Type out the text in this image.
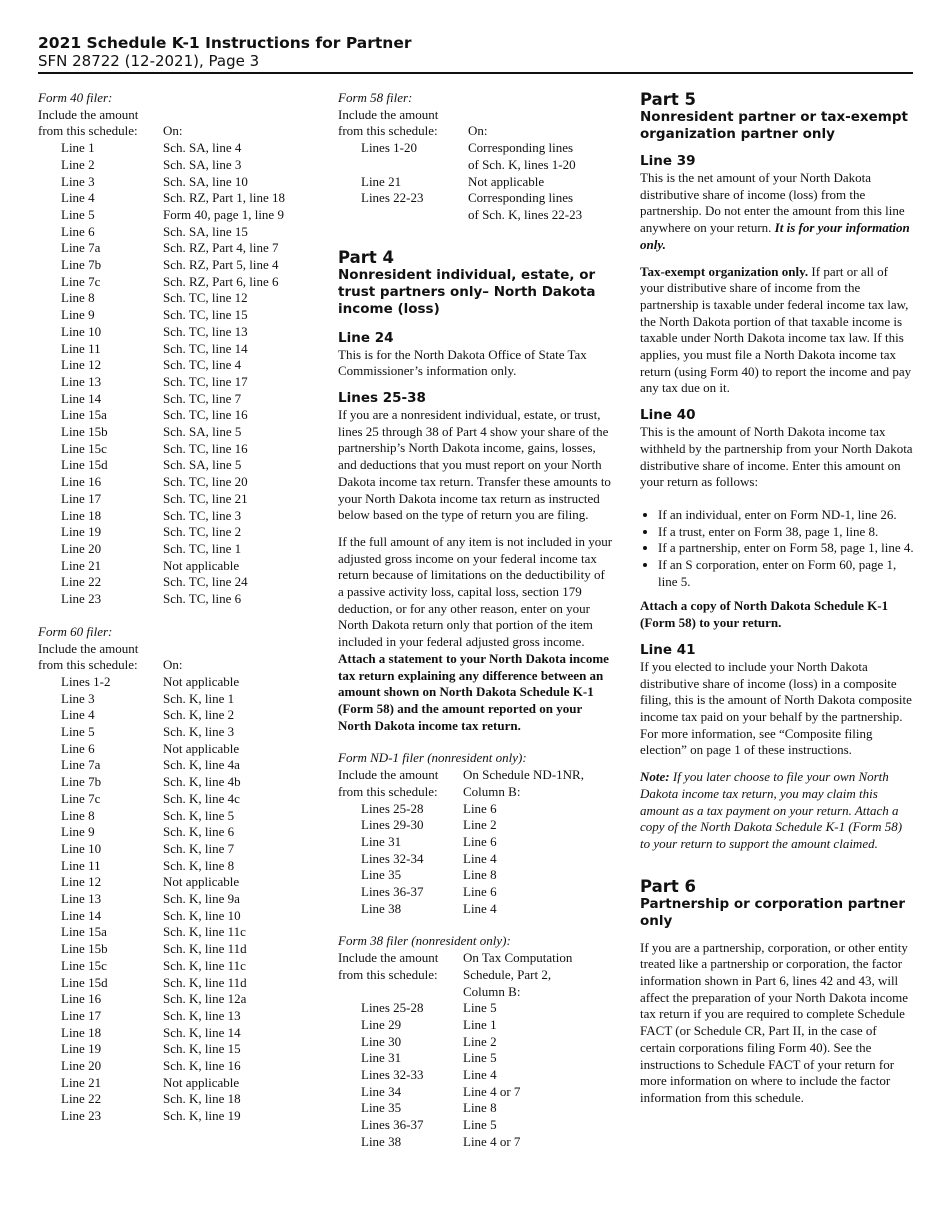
2021 Schedule K-1 Instructions for Partner
SFN 28722 (12-2021), Page 3
Form 40 filer:
Include the amount	
from this schedule:	On:
Line 1	Sch. SA, line 4
Line 2	Sch. SA, line 3
Line 3	Sch. SA, line 10
Line 4	Sch. RZ, Part 1, line 18
Line 5	Form 40, page 1, line 9
Line 6	Sch. SA, line 15
Line 7a	Sch. RZ, Part 4, line 7
Line 7b	Sch. RZ, Part 5, line 4
Line 7c	Sch. RZ, Part 6, line 6
Line 8	Sch. TC, line 12
Line 9	Sch. TC, line 15
Line 10	Sch. TC, line 13
Line 11	Sch. TC, line 14
Line 12	Sch. TC, line 4
Line 13	Sch. TC, line 17
Line 14	Sch. TC, line 7
Line 15a	Sch. TC, line 16
Line 15b	Sch. SA, line 5
Line 15c	Sch. TC, line 16
Line 15d	Sch. SA, line 5
Line 16	Sch. TC, line 20
Line 17	Sch. TC, line 21
Line 18	Sch. TC, line 3
Line 19	Sch. TC, line 2
Line 20	Sch. TC, line 1
Line 21	Not applicable
Line 22	Sch. TC, line 24
Line 23	Sch. TC, line 6
Form 60 filer:
Include the amount	
from this schedule:	On:
Lines 1-2	Not applicable
Line 3	Sch. K, line 1
Line 4	Sch. K, line 2
Line 5	Sch. K, line 3
Line 6	Not applicable
Line 7a	Sch. K, line 4a
Line 7b	Sch. K, line 4b
Line 7c	Sch. K, line 4c
Line 8	Sch. K, line 5
Line 9	Sch. K, line 6
Line 10	Sch. K, line 7
Line 11	Sch. K, line 8
Line 12	Not applicable
Line 13	Sch. K, line 9a
Line 14	Sch. K, line 10
Line 15a	Sch. K, line 11c
Line 15b	Sch. K, line 11d
Line 15c	Sch. K, line 11c
Line 15d	Sch. K, line 11d
Line 16	Sch. K, line 12a
Line 17	Sch. K, line 13
Line 18	Sch. K, line 14
Line 19	Sch. K, line 15
Line 20	Sch. K, line 16
Line 21	Not applicable
Line 22	Sch. K, line 18
Line 23	Sch. K, line 19
Form 58 filer:
Include the amount	
from this schedule:	On:
Lines 1-20	Corresponding lines
	of Sch. K, lines 1-20
Line 21	Not applicable
Lines 22-23	Corresponding lines
	of Sch. K, lines 22-23
Part 4
Nonresident individual, estate, or trust partners only– North Dakota income (loss)
Line 24

This is for the North Dakota Office of State Tax Commissioner’s information only.

Lines 25-38

If you are a nonresident individual, estate, or trust, lines 25 through 38 of Part 4 show your share of the partnership’s North Dakota income, gains, losses, and deductions that you must report on your North Dakota income tax return. Transfer these amounts to your North Dakota income tax return as instructed below based on the type of return you are filing.

If the full amount of any item is not included in your adjusted gross income on your federal income tax return because of limitations on the deductibility of a passive activity loss, capital loss, section 179 deduction, or for any other reason, enter on your North Dakota return only that portion of the item included in your federal adjusted gross income. Attach a statement to your North Dakota income tax return explaining any difference between an amount shown on North Dakota Schedule K-1 (Form 58) and the amount reported on your North Dakota income tax return.

Form ND-1 filer (nonresident only):
Include the amount	On Schedule ND-1NR,
from this schedule:	Column B:
Lines 25-28	Line 6
Lines 29-30	Line 2
Line 31	Line 6
Lines 32-34	Line 4
Line 35	Line 8
Lines 36-37	Line 6
Line 38	Line 4
Form 38 filer (nonresident only):
Include the amount	On Tax Computation
from this schedule:	Schedule, Part 2,
	Column B:
Lines 25-28	Line 5
Line 29	Line 1
Line 30	Line 2
Line 31	Line 5
Lines 32-33	Line 4
Line 34	Line 4 or 7
Line 35	Line 8
Lines 36-37	Line 5
Line 38	Line 4 or 7
Part 5
Nonresident partner or tax-exempt organization partner only
Line 39

This is the net amount of your North Dakota distributive share of income (loss) from the partnership. Do not enter the amount from this line anywhere on your return. It is for your information only.

Tax-exempt organization only. If part or all of your distributive share of income from the partnership is taxable under federal income tax law, the North Dakota portion of that taxable income is taxable under North Dakota income tax law. If this applies, you must file a North Dakota income tax return (using Form 40) to report the income and pay any tax due on it.

Line 40

This is the amount of North Dakota income tax withheld by the partnership from your North Dakota distributive share of income. Enter this amount on your return as follows:

• If an individual, enter on Form ND-1, line 26.
• If a trust, enter on Form 38, page 1, line 8.
• If a partnership, enter on Form 58, page 1, line 4.
• If an S corporation, enter on Form 60, page 1, line 5.

Attach a copy of North Dakota Schedule K-1 (Form 58) to your return.

Line 41

If you elected to include your North Dakota distributive share of income (loss) in a composite filing, this is the amount of North Dakota composite income tax paid on your behalf by the partnership. For more information, see “Composite filing election” on page 1 of these instructions.

Note: If you later choose to file your own North Dakota income tax return, you may claim this amount as a tax payment on your return. Attach a copy of the North Dakota Schedule K-1 (Form 58) to your return to support the amount claimed.

Part 6
Partnership or corporation partner only

If you are a partnership, corporation, or other entity treated like a partnership or corporation, the factor information shown in Part 6, lines 42 and 43, will affect the preparation of your North Dakota income tax return if you are required to complete Schedule FACT (or Schedule CR, Part II, in the case of certain corporations filing Form 40). See the instructions to Schedule FACT of your return for more information on where to include the factor information from this schedule.
